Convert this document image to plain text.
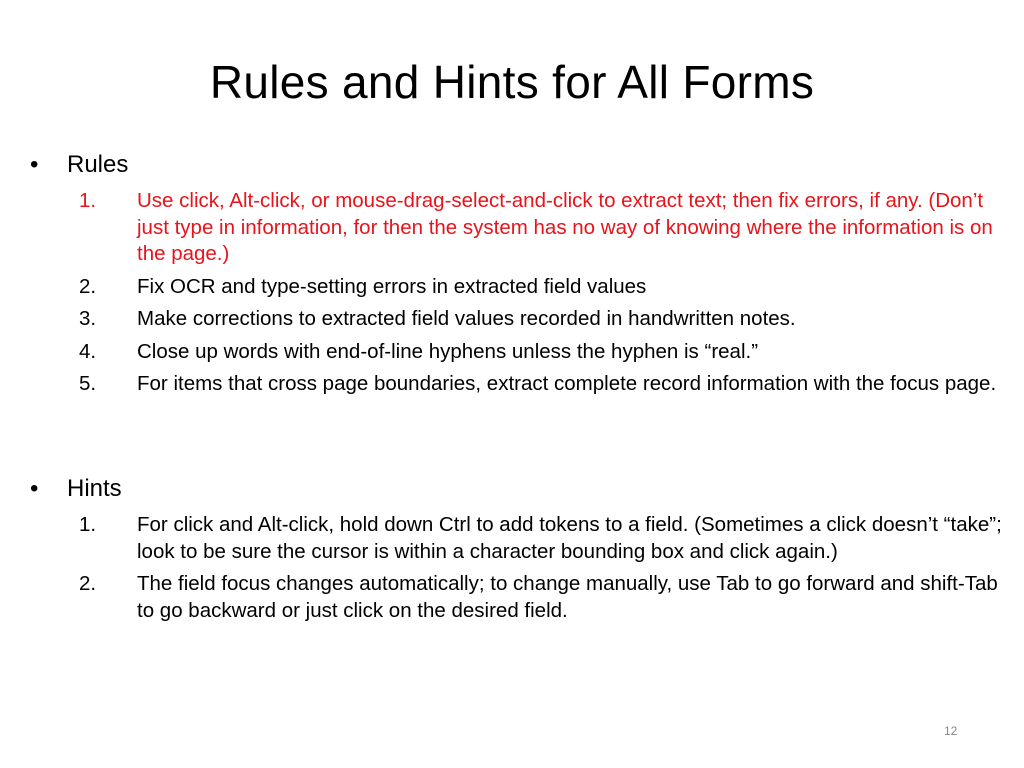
Rules and Hints for All Forms
•	Rules
1. Use click, Alt-click, or mouse-drag-select-and-click to extract text; then fix errors, if any. (Don’t just type in information, for then the system has no way of knowing where the information is on the page.)
2. Fix OCR and type-setting errors in extracted field values
3. Make corrections to extracted field values recorded in handwritten notes.
4. Close up words with end-of-line hyphens unless the hyphen is “real.”
5. For items that cross page boundaries, extract complete record information with the focus page.
•	Hints
1. For click and Alt-click, hold down Ctrl to add tokens to a field. (Sometimes a click doesn’t “take”; look to be sure the cursor is within a character bounding box and click again.)
2. The field focus changes automatically; to change manually, use Tab to go forward and shift-Tab to go backward or just click on the desired field.
12
